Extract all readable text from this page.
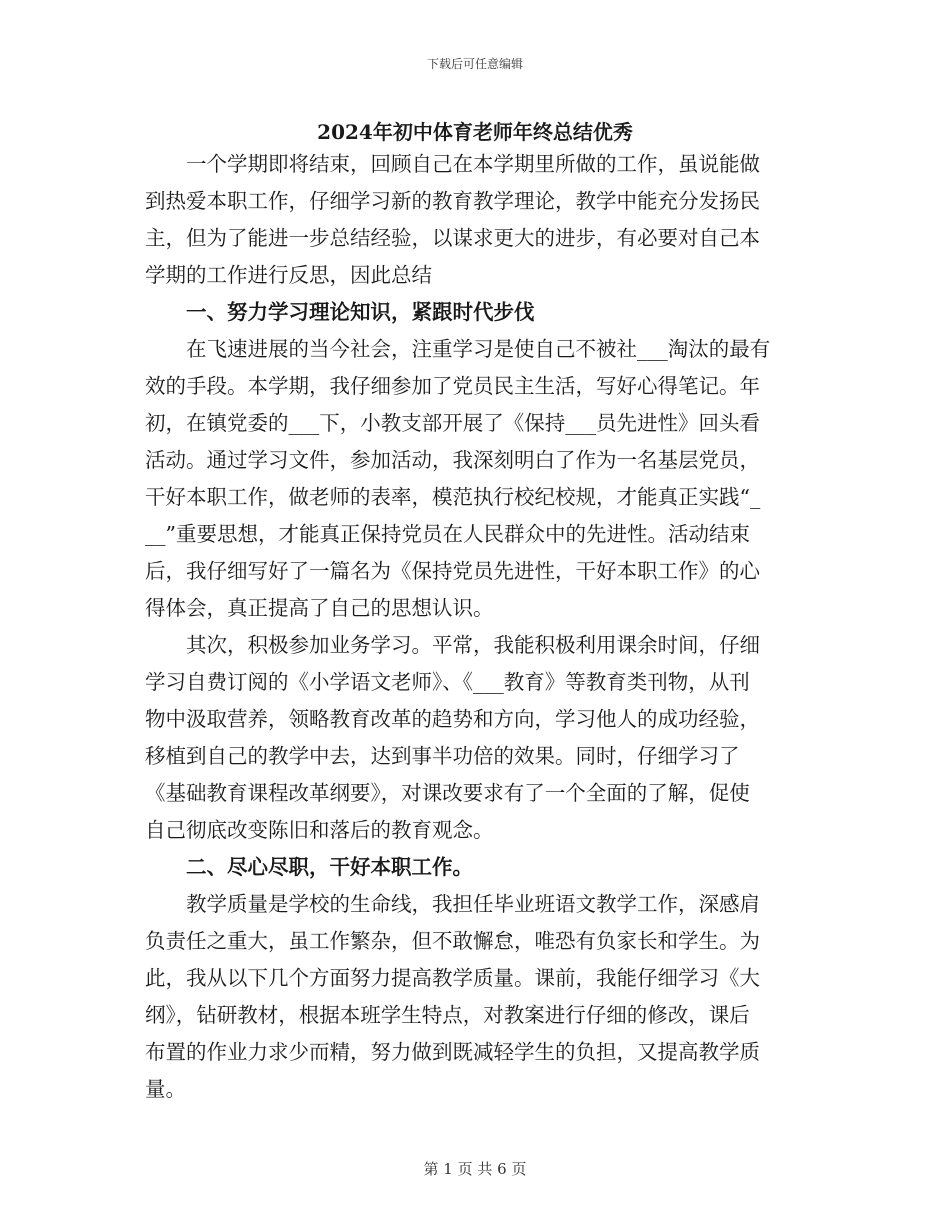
下载后可任意编辑
2024年初中体育老师年终总结优秀
一个学期即将结束，回顾自己在本学期里所做的工作，虽说能做
到热爱本职工作，仔细学习新的教育教学理论，教学中能充分发扬民
主，但为了能进一步总结经验，以谋求更大的进步，有必要对自己本
学期的工作进行反思，因此总结
一、努力学习理论知识，紧跟时代步伐
在飞速进展的当今社会，注重学习是使自己不被社___淘汰的最有
效的手段。本学期，我仔细参加了党员民主生活，写好心得笔记。年
初，在镇党委的___下，小教支部开展了《保持___员先进性》回头看
活动。通过学习文件，参加活动，我深刻明白了作为一名基层党员，
干好本职工作，做老师的表率，模范执行校纪校规，才能真正实践“_
__”重要思想，才能真正保持党员在人民群众中的先进性。活动结束
后，我仔细写好了一篇名为《保持党员先进性，干好本职工作》的心
得体会，真正提高了自己的思想认识。
其次，积极参加业务学习。平常，我能积极利用课余时间，仔细
学习自费订阅的《小学语文老师》、《___教育》等教育类刊物，从刊
物中汲取营养，领略教育改革的趋势和方向，学习他人的成功经验，
移植到自己的教学中去，达到事半功倍的效果。同时，仔细学习了
《基础教育课程改革纲要》，对课改要求有了一个全面的了解，促使
自己彻底改变陈旧和落后的教育观念。
二、尽心尽职，干好本职工作。
教学质量是学校的生命线，我担任毕业班语文教学工作，深感肩
负责任之重大，虽工作繁杂，但不敢懈怠，唯恐有负家长和学生。为
此，我从以下几个方面努力提高教学质量。课前，我能仔细学习《大
纲》，钻研教材，根据本班学生特点，对教案进行仔细的修改，课后
布置的作业力求少而精，努力做到既减轻学生的负担，又提高教学质
量。
第 1 页 共 6 页
